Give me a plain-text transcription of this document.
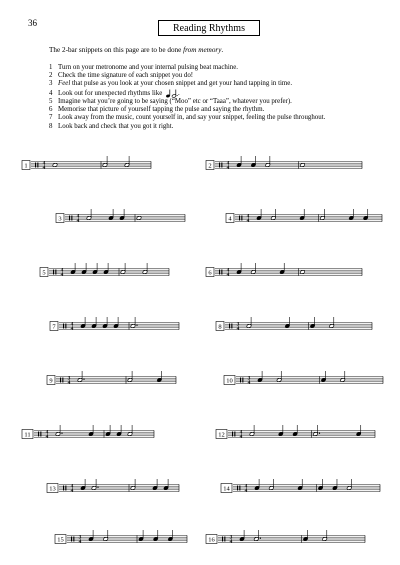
36	Reading Rhythms
The 2-bar snippets on this page are to be done from memory.
1 Turn on your metronome and your internal pulsing beat machine.
2 Check the time signature of each snippet you do!
3 Feel that pulse as you look at your chosen snippet and get your hand tapping in time.
4 Look out for unexpected rhythms like .
5 Imagine what you’re going to be saying (“Moo” etc or “Taaa”, whatever you prefer).
6 Memorise that picture of yourself tapping the pulse and saying the rhythm.
7 Look away from the music, count yourself in, and say your snippet, feeling the pulse throughout.
8 Look back and check that you got it right.
1	4
4	2	4
4
3	4
4	4	4
4
5	4
4	6	4
4
7	4
4	8	3
4
9	3
4	10	3
4
11	4
4	12	4
4
13	4
4	14	4
4
15	3
4	16	3
4
